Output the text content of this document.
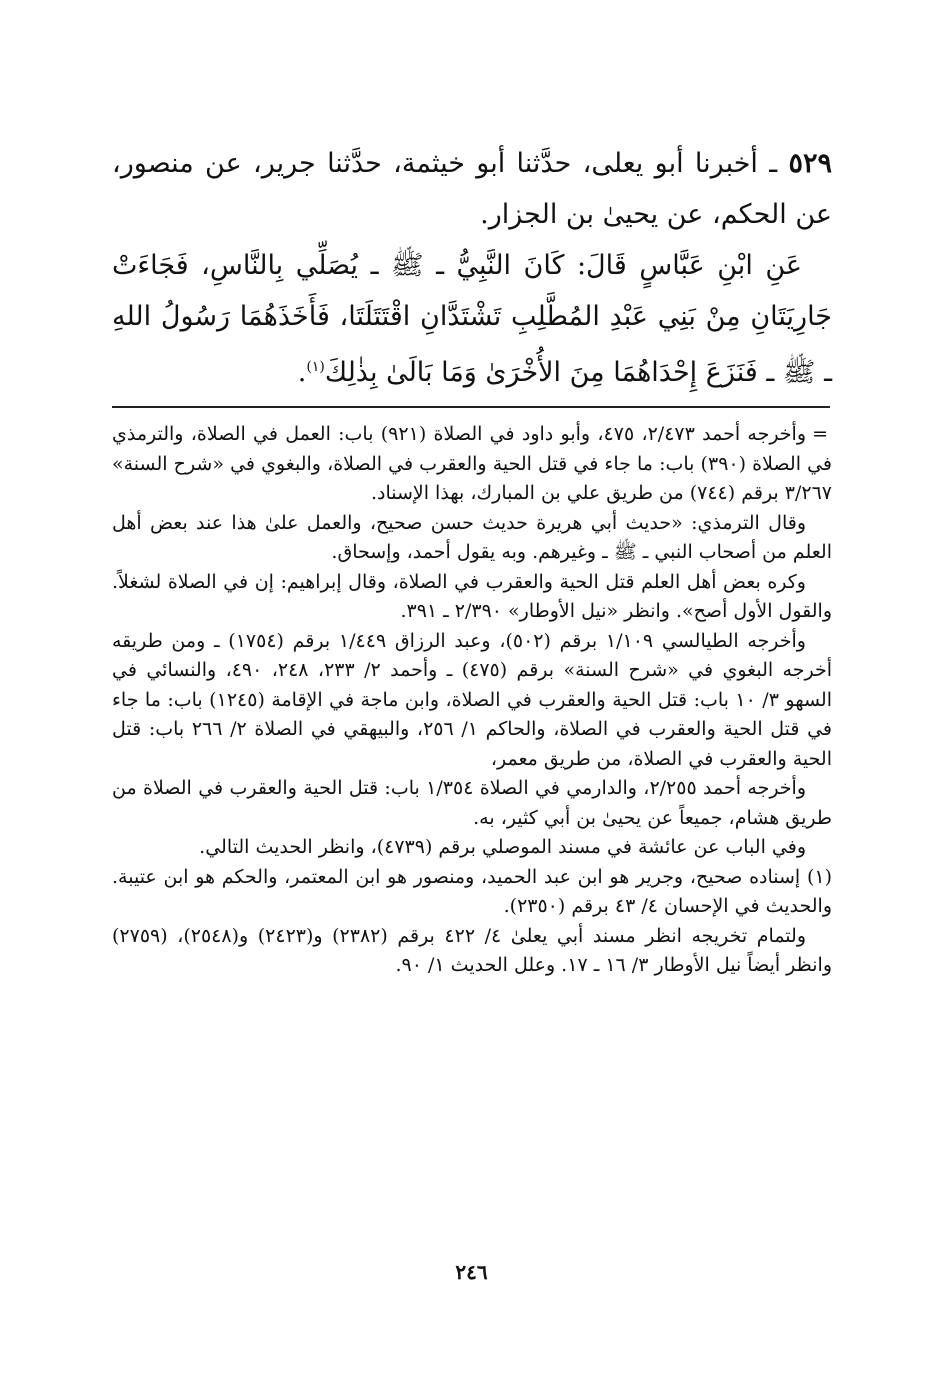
٥٢٩ ـ أخبرنا أبو يعلى، حدَّثنا أبو خيثمة، حدَّثنا جرير، عن منصور، عن الحكم، عن يحيىٰ بن الجزار.

عَنِ ابْنِ عَبَّاسٍ قَالَ: كَانَ النَّبِيُّ ـ ﷺ ـ يُصَلِّي بِالنَّاسِ، فَجَاءَتْ جَارِيَتَانِ مِنْ بَنِي عَبْدِ المُطَّلِبِ تَشْتَدَّانِ اقْتَتَلَتَا، فَأَخَذَهُمَا رَسُولُ اللهِ ـ ﷺ ـ فَنَزَعَ إِحْدَاهُمَا مِنَ الأُخْرَىٰ وَمَا بَالَىٰ بِذٰلِكَ$^{(١)}$.

=
وأخرجه أحمد ٢/٤٧٣، ٤٧٥، وأبو داود في الصلاة (٩٢١) باب: العمل في الصلاة، والترمذي في الصلاة (٣٩٠) باب: ما جاء في قتل الحية والعقرب في الصلاة، والبغوي في «شرح السنة» ٣/٢٦٧ برقم (٧٤٤) من طريق علي بن المبارك، بهذا الإسناد.

وقال الترمذي: «حديث أبي هريرة حديث حسن صحيح، والعمل علىٰ هذا عند بعض أهل العلم من أصحاب النبي ـ ﷺ ـ وغيرهم. وبه يقول أحمد، وإسحاق.

وكره بعض أهل العلم قتل الحية والعقرب في الصلاة، وقال إبراهيم: إن في الصلاة لشغلاً. والقول الأول أصح». وانظر «نيل الأوطار» ٢/٣٩٠ ـ ٣٩١.

وأخرجه الطيالسي ١/١٠٩ برقم (٥٠٢)، وعبد الرزاق ١/٤٤٩ برقم (١٧٥٤) ـ ومن طريقه أخرجه البغوي في «شرح السنة» برقم (٤٧٥) ـ وأحمد ٢/ ٢٣٣، ٢٤٨، ٤٩٠، والنسائي في السهو ٣/ ١٠ باب: قتل الحية والعقرب في الصلاة، وابن ماجة في الإقامة (١٢٤٥) باب: ما جاء في قتل الحية والعقرب في الصلاة، والحاكم ١/ ٢٥٦، والبيهقي في الصلاة ٢/ ٢٦٦ باب: قتل الحية والعقرب في الصلاة، من طريق معمر،

وأخرجه أحمد ٢/٢٥٥، والدارمي في الصلاة ١/٣٥٤ باب: قتل الحية والعقرب في الصلاة من طريق هشام، جميعاً عن يحيىٰ بن أبي كثير، به.

وفي الباب عن عائشة في مسند الموصلي برقم (٤٧٣٩)، وانظر الحديث التالي.

(١) إسناده صحيح، وجرير هو ابن عبد الحميد، ومنصور هو ابن المعتمر، والحكم هو ابن عتيبة. والحديث في الإحسان ٤/ ٤٣ برقم (٢٣٥٠).

ولتمام تخريجه انظر مسند أبي يعلىٰ ٤/ ٤٢٢ برقم (٢٣٨٢) و(٢٤٢٣) و(٢٥٤٨)، (٢٧٥٩) وانظر أيضاً نيل الأوطار ٣/ ١٦ ـ ١٧. وعلل الحديث ١/ ٩٠.

٢٤٦
